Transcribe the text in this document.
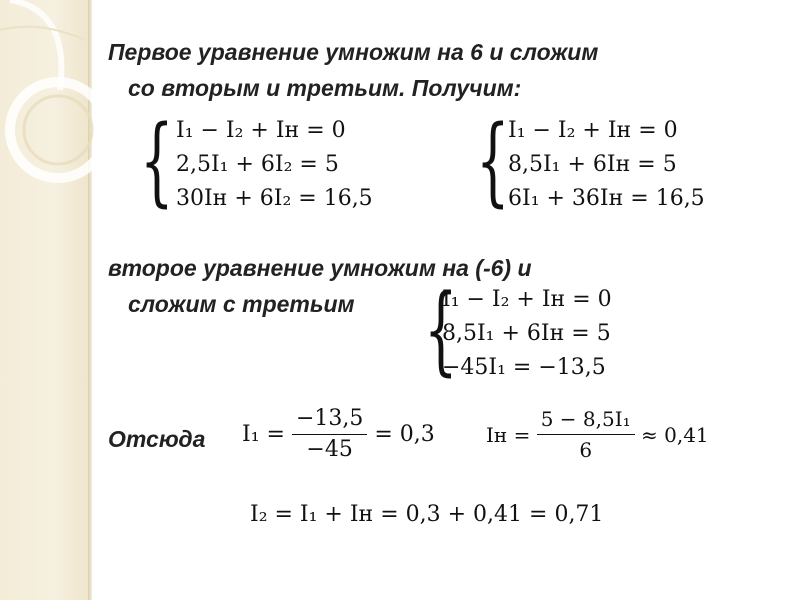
Первое уравнение умножим на 6 и сложим
со вторым и третьим. Получим:
{ I₁ − I₂ + Iн = 0
2,5I₁ + 6I₂ = 5
30Iн + 6I₂ = 16,5 {
I₁ − I₂ + Iн = 0
8,5I₁ + 6Iн = 5
6I₁ + 36Iн = 16,5
второе уравнение умножим на (-6) и
сложим с третьим {
I₁ − I₂ + Iн = 0
8,5I₁ + 6Iн = 5
−45I₁ = −13,5
Отсюда $I_1 = \frac{-13,5}{-45} = 0,3$	Iн = $\frac{\text{5 − 8,5I₁}}{6} \approx 0,41$
I₂ = I₁ + Iн = 0,3 + 0,41 = 0,71
